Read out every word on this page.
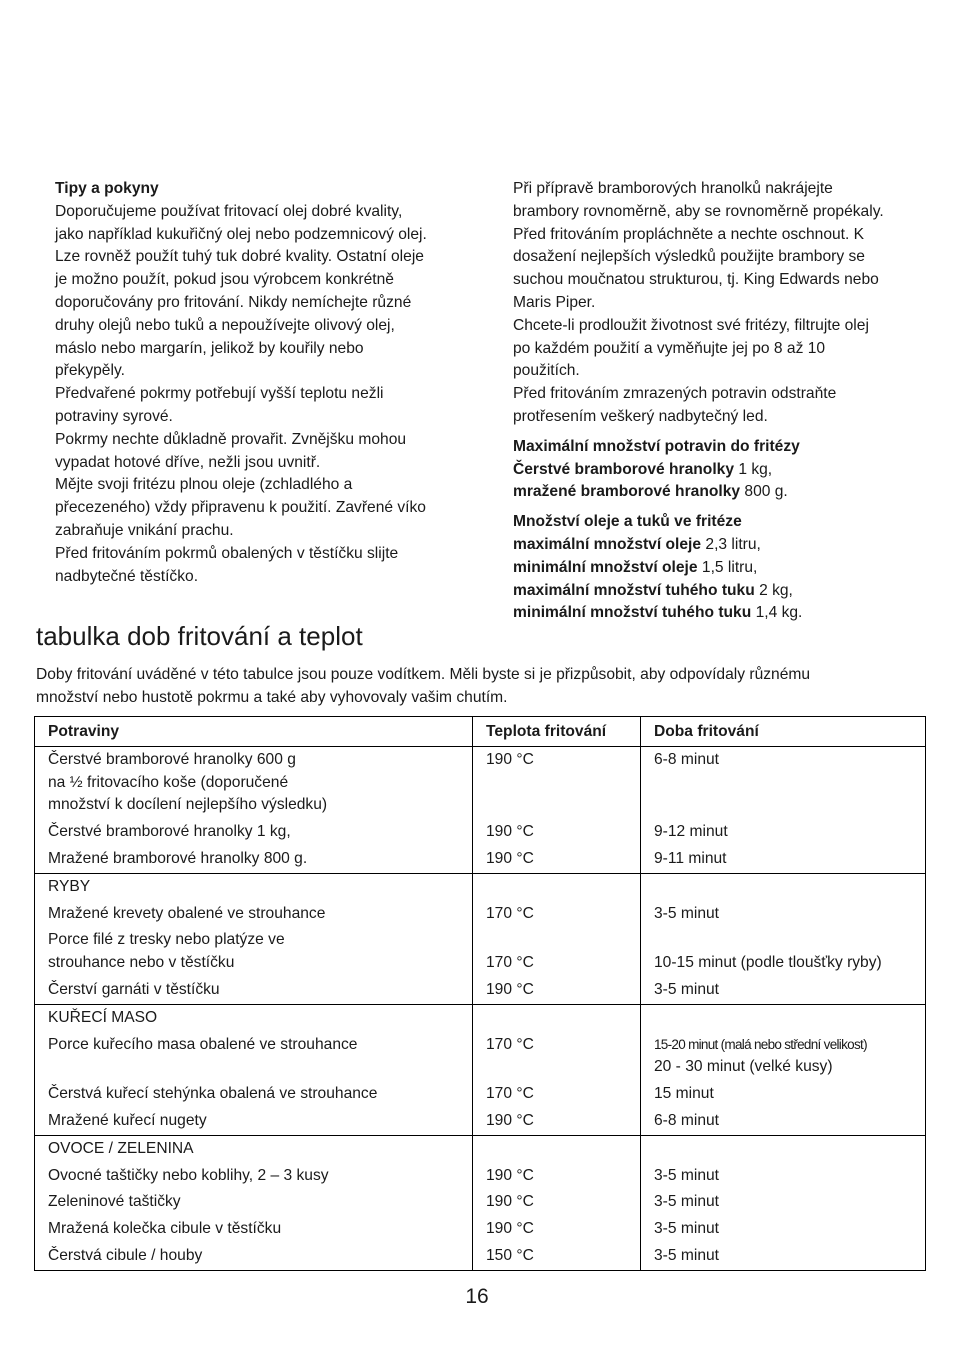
Tipy a pokyny

Doporučujeme používat fritovací olej dobré kvality,

jako například kukuřičný olej nebo podzemnicový olej.

Lze rovněž použít tuhý tuk dobré kvality. Ostatní oleje

je možno použít, pokud jsou výrobcem konkrétně

doporučovány pro fritování. Nikdy nemíchejte různé

druhy olejů nebo tuků a nepoužívejte olivový olej,

máslo nebo margarín, jelikož by kouřily nebo

překypěly.

Předvařené pokrmy potřebují vyšší teplotu nežli

potraviny syrové.

Pokrmy nechte důkladně provařit. Zvnějšku mohou

vypadat hotové dříve, nežli jsou uvnitř.

Mějte svoji fritézu plnou oleje (zchladlého a

přecezeného) vždy připravenu k použití. Zavřené víko

zabraňuje vnikání prachu.

Před fritováním pokrmů obalených v těstíčku slijte

nadbytečné těstíčko.

Při přípravě bramborových hranolků nakrájejte

brambory rovnoměrně, aby se rovnoměrně propékaly.

Před fritováním propláchněte a nechte oschnout. K

dosažení nejlepších výsledků použijte brambory se

suchou moučnatou strukturou, tj. King Edwards nebo

Maris Piper.

Chcete-li prodloužit životnost své fritézy, filtrujte olej

po každém použití a vyměňujte jej po 8 až 10

použitích.

Před fritováním zmrazených potravin odstraňte

protřesením veškerý nadbytečný led.

Maximální množství potravin do fritézy

Čerstvé bramborové hranolky 1 kg,

mražené bramborové hranolky 800 g.

Množství oleje a tuků ve fritéze

maximální množství oleje 2,3 litru,

minimální množství oleje 1,5 litru,

maximální množství tuhého tuku 2 kg,

minimální množství tuhého tuku 1,4 kg.

tabulka dob fritování a teplot
Doby fritování uváděné v této tabulce jsou pouze vodítkem. Měli byste si je přizpůsobit, aby odpovídaly různému
množství nebo hustotě pokrmu a také aby vyhovovaly vašim chutím.
Potraviny	Teplota fritování	Doba fritování

Čerstvé bramborové hranolky 600 g
na ½ fritovacího koše (doporučené
množství k docílení nejlepšího výsledku)	190 °C	6-8 minut

Čerstvé bramborové hranolky 1 kg,	190 °C	9-12 minut

Mražené bramborové hranolky 800 g.	190 °C	9-11 minut

RYBY		

Mražené krevety obalené ve strouhance	170 °C	3-5 minut

Porce filé z tresky nebo platýze ve
strouhance nebo v těstíčku	170 °C	10-15 minut (podle tloušťky ryby)

Čerství garnáti v těstíčku	190 °C	3-5 minut

KUŘECÍ MASO		

Porce kuřecího masa obalené ve strouhance	170 °C	15-20 minut (malá nebo střední velikost)
20 - 30 minut (velké kusy)

Čerstvá kuřecí stehýnka obalená ve strouhance	170 °C	15 minut

Mražené kuřecí nugety	190 °C	6-8 minut

OVOCE / ZELENINA		

Ovocné taštičky nebo koblihy, 2 – 3 kusy	190 °C	3-5 minut

Zeleninové taštičky	190 °C	3-5 minut

Mražená kolečka cibule v těstíčku	190 °C	3-5 minut

Čerstvá cibule / houby	150 °C	3-5 minut
16
